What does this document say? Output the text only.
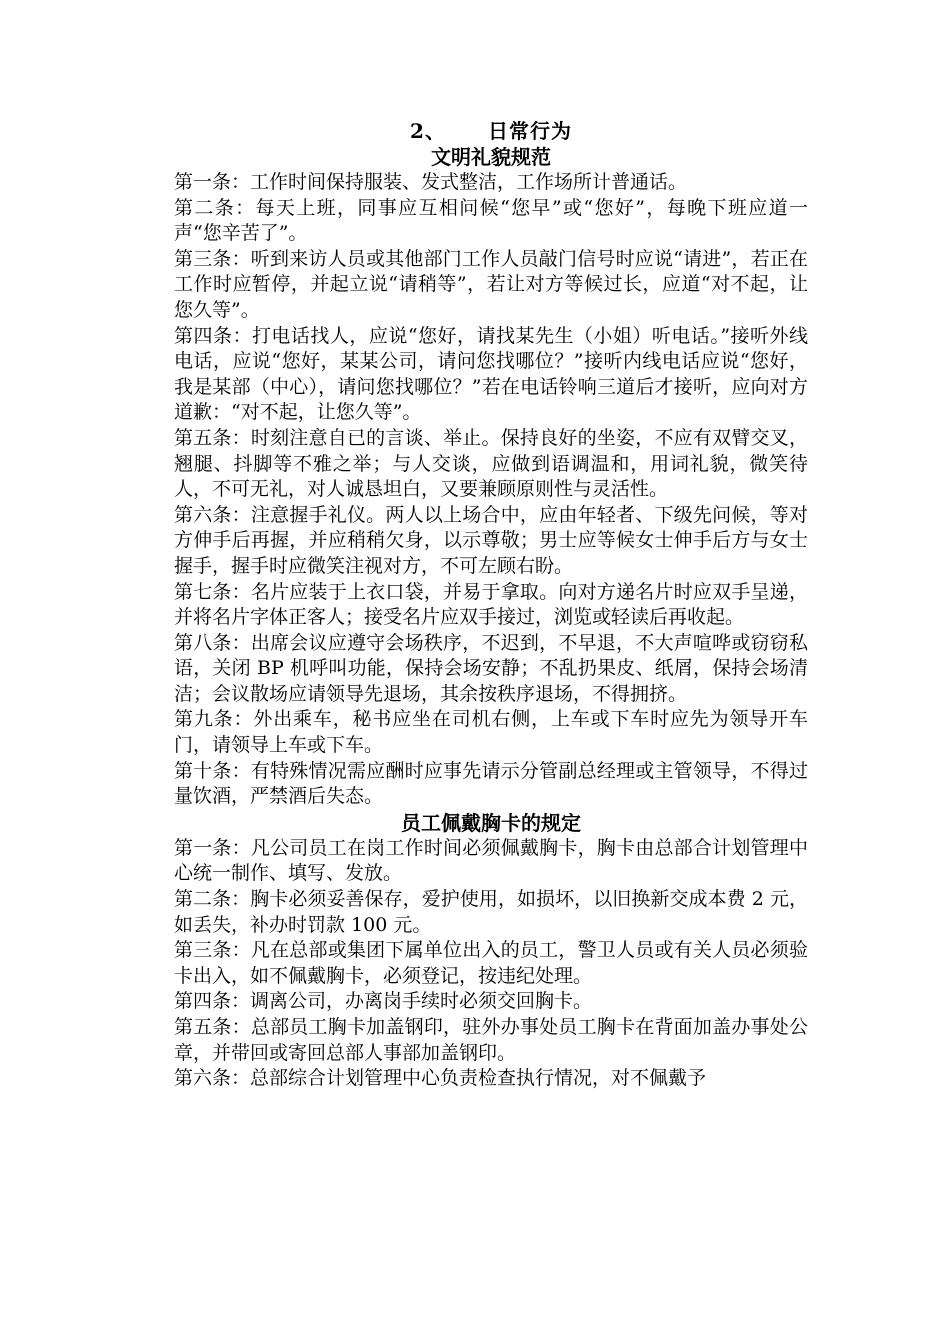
2、 日常行为

文明礼貌规范

第一条：工作时间保持服装、发式整洁，工作场所计普通话。

第二条：每天上班，同事应互相问候“您早”或“您好”，每晚下班应道一声“您辛苦了”。

第三条：听到来访人员或其他部门工作人员敲门信号时应说“请进”，若正在工作时应暂停，并起立说“请稍等”，若让对方等候过长，应道“对不起，让您久等”。

第四条：打电话找人，应说“您好，请找某先生（小姐）听电话。”接听外线电话，应说“您好，某某公司，请问您找哪位？”接听内线电话应说“您好，我是某部（中心），请问您找哪位？”若在电话铃响三道后才接听，应向对方道歉：“对不起，让您久等”。

第五条：时刻注意自已的言谈、举止。保持良好的坐姿，不应有双臂交叉，翘腿、抖脚等不雅之举；与人交谈，应做到语调温和，用词礼貌，微笑待人，不可无礼，对人诚恳坦白，又要兼顾原则性与灵活性。

第六条：注意握手礼仪。两人以上场合中，应由年轻者、下级先问候，等对方伸手后再握，并应稍稍欠身，以示尊敬；男士应等候女士伸手后方与女士握手，握手时应微笑注视对方，不可左顾右盼。

第七条：名片应装于上衣口袋，并易于拿取。向对方递名片时应双手呈递，并将名片字体正客人；接受名片应双手接过，浏览或轻读后再收起。

第八条：出席会议应遵守会场秩序，不迟到，不早退，不大声喧哗或窃窃私语，关闭 BP 机呼叫功能，保持会场安静；不乱扔果皮、纸屑，保持会场清洁；会议散场应请领导先退场，其余按秩序退场，不得拥挤。

第九条：外出乘车，秘书应坐在司机右侧，上车或下车时应先为领导开车门，请领导上车或下车。

第十条：有特殊情况需应酬时应事先请示分管副总经理或主管领导，不得过量饮酒，严禁酒后失态。

员工佩戴胸卡的规定

第一条：凡公司员工在岗工作时间必须佩戴胸卡，胸卡由总部合计划管理中心统一制作、填写、发放。

第二条：胸卡必须妥善保存，爱护使用，如损坏，以旧换新交成本费 2 元，如丢失，补办时罚款 100 元。

第三条：凡在总部或集团下属单位出入的员工，警卫人员或有关人员必须验卡出入，如不佩戴胸卡，必须登记，按违纪处理。

第四条：调离公司，办离岗手续时必须交回胸卡。

第五条：总部员工胸卡加盖钢印，驻外办事处员工胸卡在背面加盖办事处公章，并带回或寄回总部人事部加盖钢印。

第六条：总部综合计划管理中心负责检查执行情况，对不佩戴予
